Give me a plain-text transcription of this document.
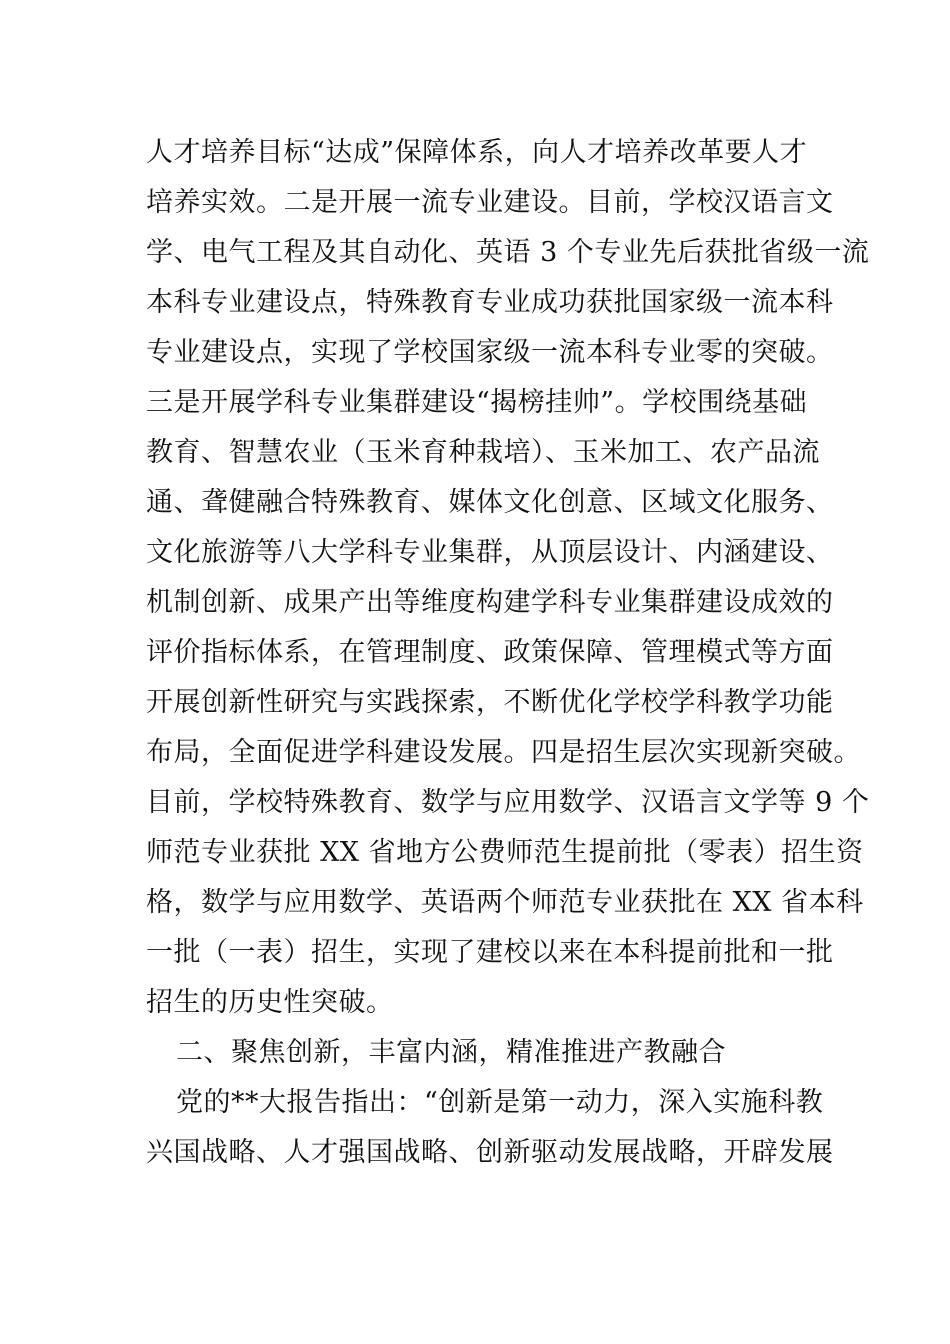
人才培养目标“达成”保障体系，向人才培养改革要人才
培养实效。二是开展一流专业建设。目前，学校汉语言文
学、电气工程及其自动化、英语 3 个专业先后获批省级一流
本科专业建设点，特殊教育专业成功获批国家级一流本科
专业建设点，实现了学校国家级一流本科专业零的突破。
三是开展学科专业集群建设“揭榜挂帅”。学校围绕基础
教育、智慧农业（玉米育种栽培）、玉米加工、农产品流
通、聋健融合特殊教育、媒体文化创意、区域文化服务、
文化旅游等八大学科专业集群，从顶层设计、内涵建设、
机制创新、成果产出等维度构建学科专业集群建设成效的
评价指标体系，在管理制度、政策保障、管理模式等方面
开展创新性研究与实践探索，不断优化学校学科教学功能
布局，全面促进学科建设发展。四是招生层次实现新突破。
目前，学校特殊教育、数学与应用数学、汉语言文学等 9 个
师范专业获批 XX 省地方公费师范生提前批（零表）招生资
格，数学与应用数学、英语两个师范专业获批在 XX 省本科
一批（一表）招生，实现了建校以来在本科提前批和一批
招生的历史性突破。
二、聚焦创新，丰富内涵，精准推进产教融合
党的**大报告指出：“创新是第一动力，深入实施科教
兴国战略、人才强国战略、创新驱动发展战略，开辟发展
